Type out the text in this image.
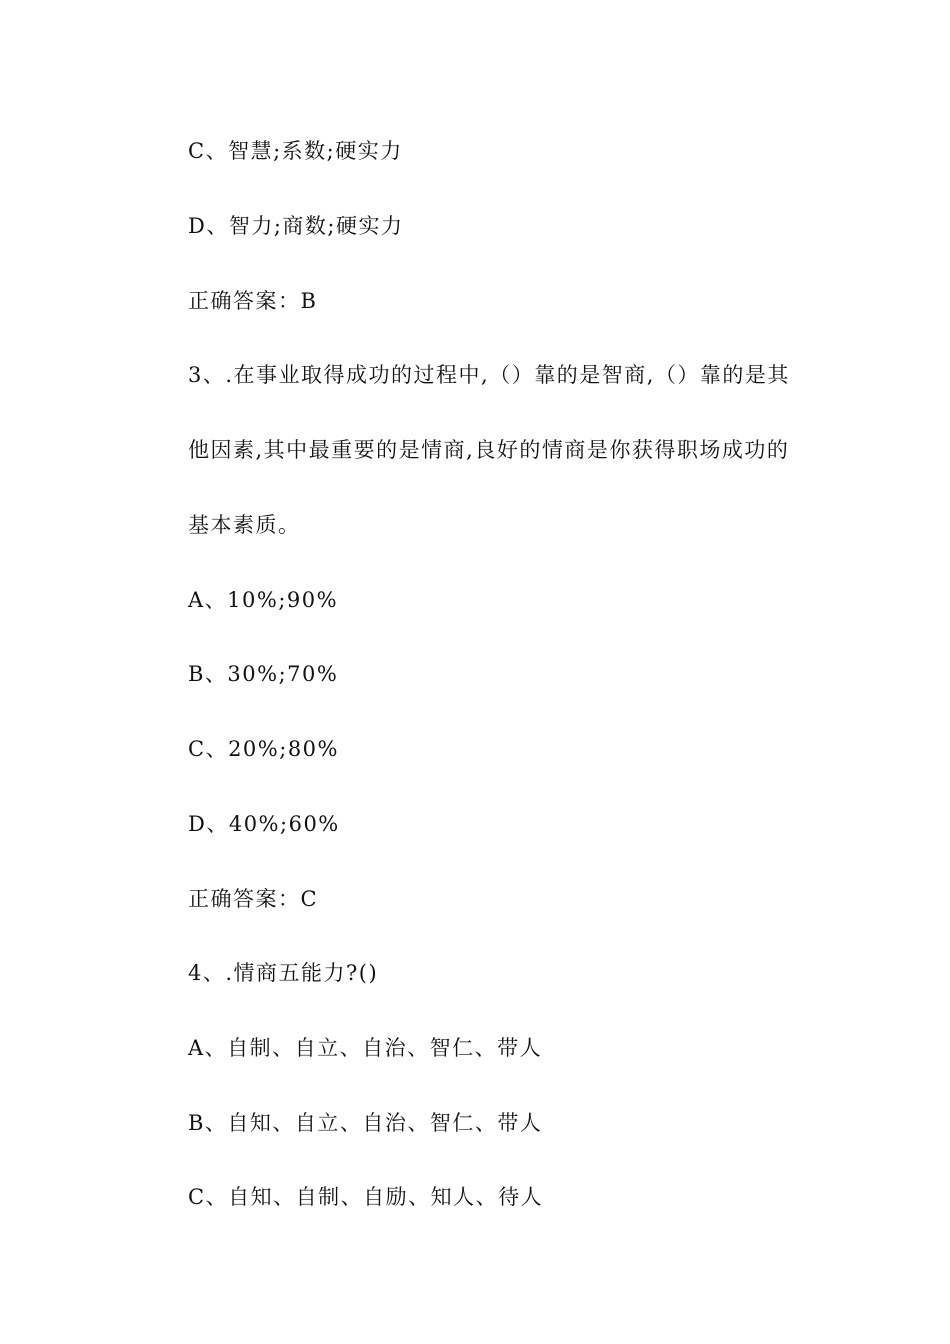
C、智慧;系数;硬实力
D、智力;商数;硬实力
正确答案：B
3、.在事业取得成功的过程中,（）靠的是智商,（）靠的是其
他因素,其中最重要的是情商,良好的情商是你获得职场成功的
基本素质。
A、10%;90%
B、30%;70%
C、20%;80%
D、40%;60%
正确答案：C
4、.情商五能力?()
A、自制、自立、自治、智仁、带人
B、自知、自立、自治、智仁、带人
C、自知、自制、自励、知人、待人
